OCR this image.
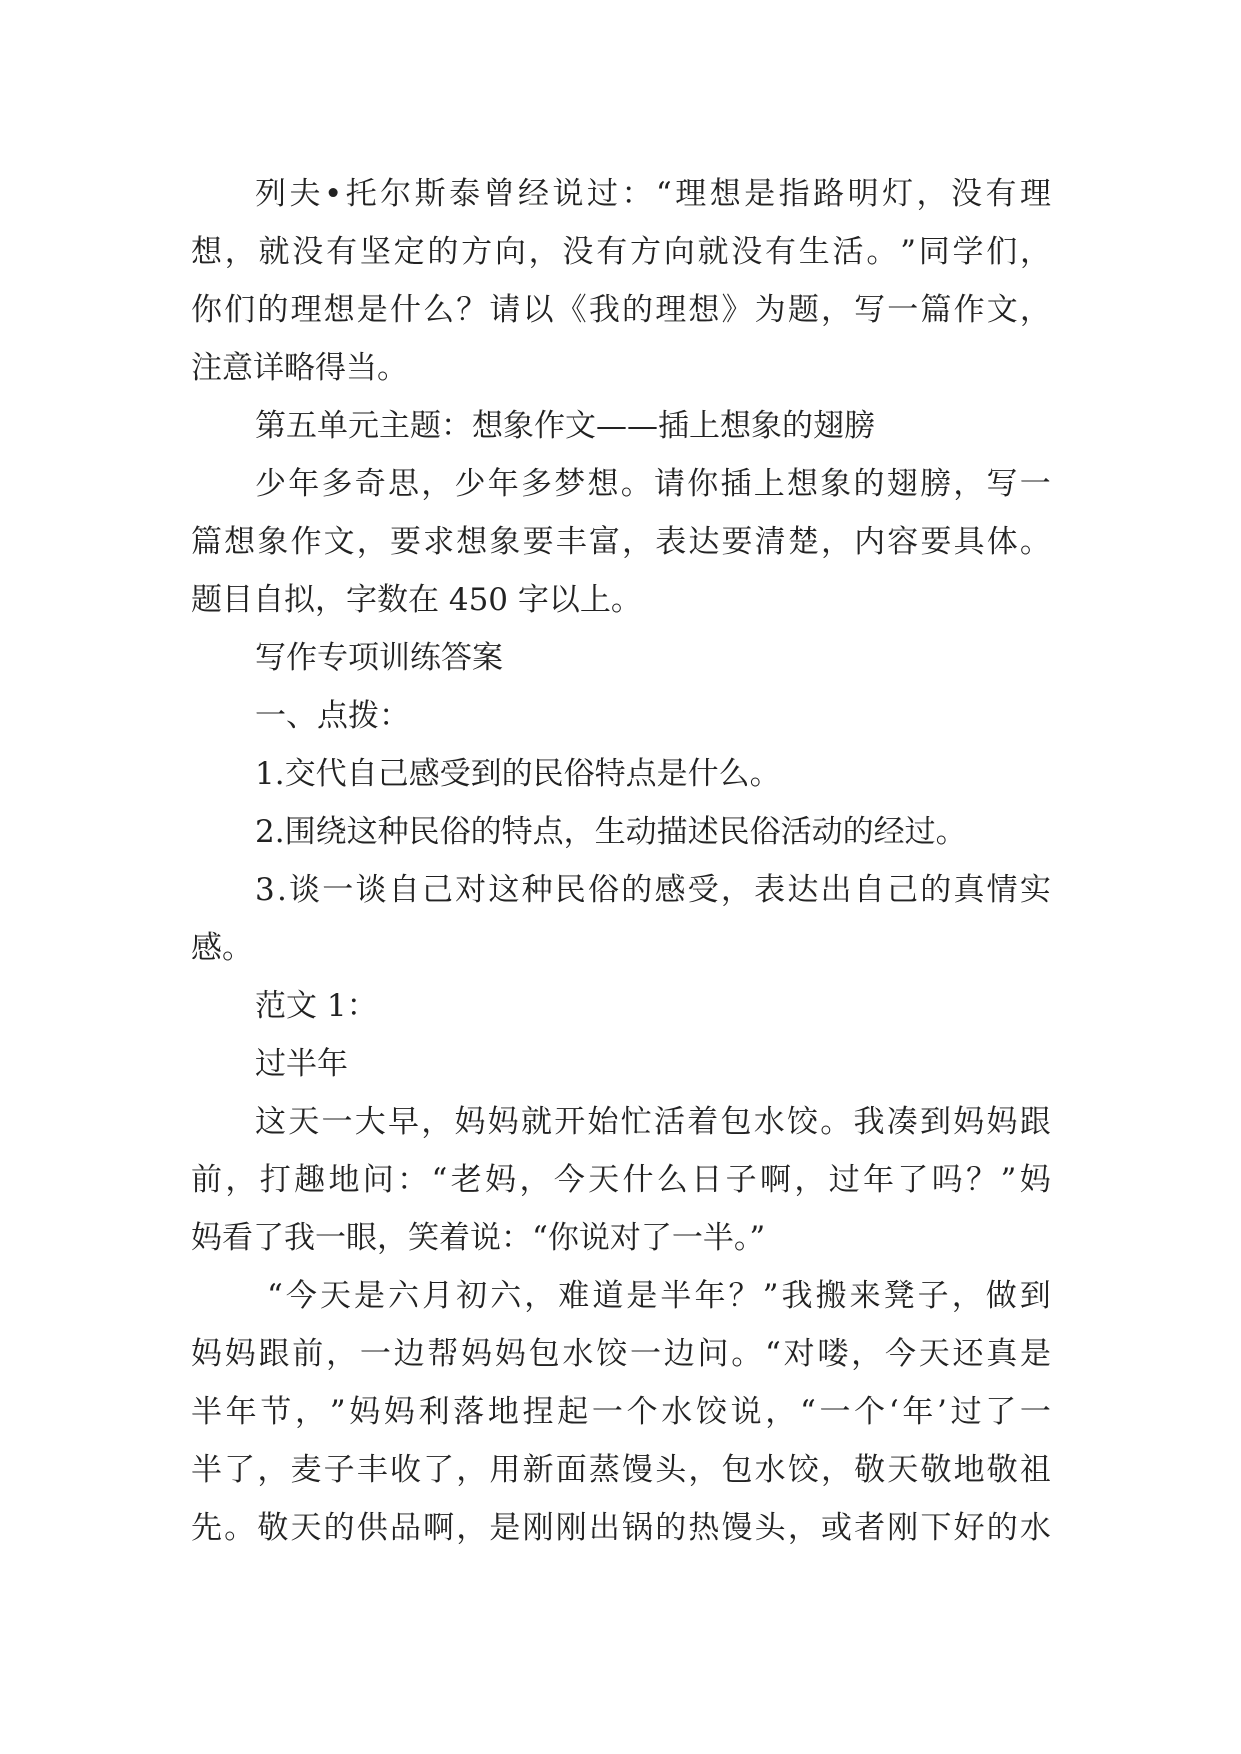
列 夫 • 托 尔 斯 泰 曾 经 说 过 ： “ 理 想 是 指 路 明 灯 ， 没 有 理
想 ， 就 没 有 坚 定 的 方 向 ， 没 有 方 向 就 没 有 生 活 。 ” 同 学 们 ，
你 们 的 理 想 是 什 么 ？ 请 以 《 我 的 理 想 》 为 题 ， 写 一 篇 作 文 ，
注意详略得当。
第五单元主题：想象作文——插上想象的翅膀
少 年 多 奇 思 ， 少 年 多 梦 想 。 请 你 插 上 想 象 的 翅 膀 ， 写 一
篇 想 象 作 文 ， 要 求 想 象 要 丰 富 ， 表 达 要 清 楚 ， 内 容 要 具 体 。
题目自拟，字数在 450 字以上。
写作专项训练答案
一、点拨：
1.交代自己感受到的民俗特点是什么。
2.围绕这种民俗的特点，生动描述民俗活动的经过。
3 . 谈 一 谈 自 己 对 这 种 民 俗 的 感 受 ， 表 达 出 自 己 的 真 情 实
感。
范文 1：
过半年
这 天 一 大 早 ， 妈 妈 就 开 始 忙 活 着 包 水 饺 。 我 凑 到 妈 妈 跟
前 ， 打 趣 地 问 ： “ 老 妈 ， 今 天 什 么 日 子 啊 ， 过 年 了 吗 ？ ” 妈
妈看了我一眼，笑着说：“你说对了一半。”
“ 今 天 是 六 月 初 六 ， 难 道 是 半 年 ？ ” 我 搬 来 凳 子 ， 做 到
妈 妈 跟 前 ， 一 边 帮 妈 妈 包 水 饺 一 边 问 。 “ 对 喽 ， 今 天 还 真 是
半 年 节 ， ” 妈 妈 利 落 地 捏 起 一 个 水 饺 说 ， “ 一 个 ‘ 年 ’ 过 了 一
半 了 ， 麦 子 丰 收 了 ， 用 新 面 蒸 馒 头 ， 包 水 饺 ， 敬 天 敬 地 敬 祖
先 。 敬 天 的 供 品 啊 ， 是 刚 刚 出 锅 的 热 馒 头 ， 或 者 刚 下 好 的 水
